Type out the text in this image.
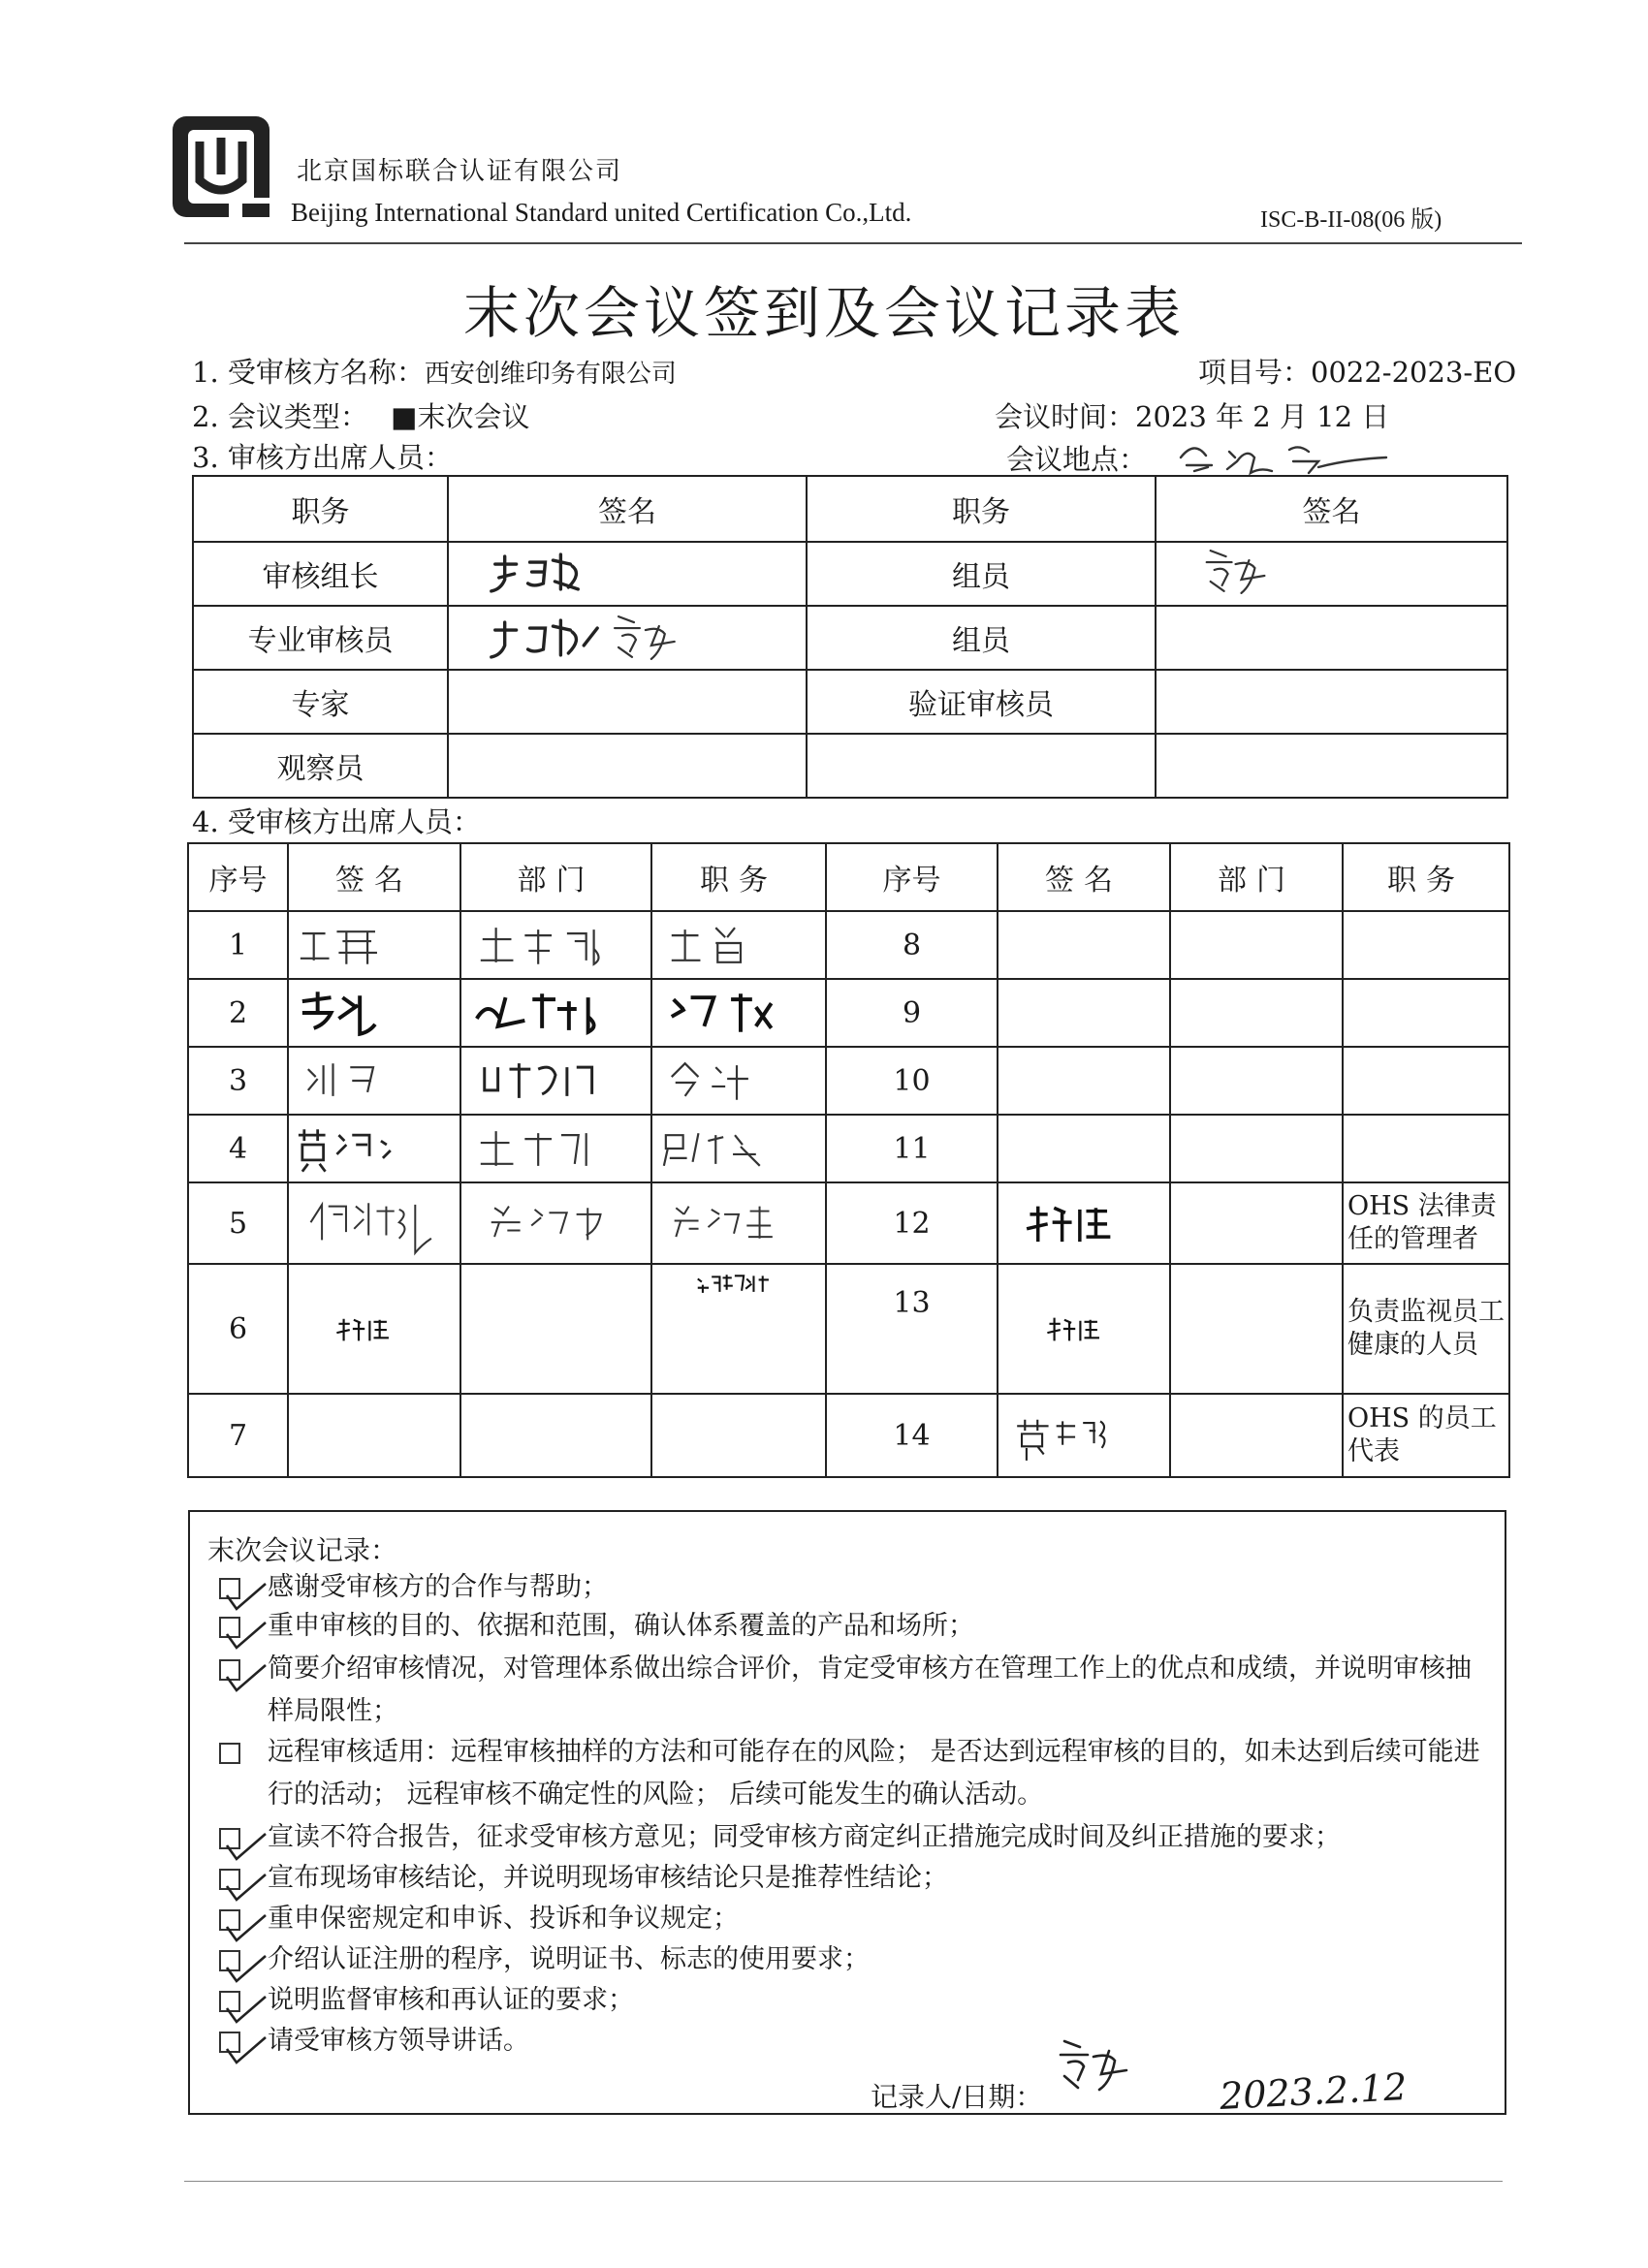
北京国标联合认证有限公司
Beijing International Standard united Certification Co.,Ltd.	ISC-B-II-08(06 版)
末次会议签到及会议记录表
1. 受审核方名称：西安创维印务有限公司	项目号：0022-2023-EO
2. 会议类型： ■末次会议	会议时间：2023 年 2 月 12 日
3. 审核方出席人员：	会议地点：
职务	签名	职务	签名
审核组长		组员	

专业审核员		组员	
专家		验证审核员	
观察员			
4. 受审核方出席人员：
序号	签名	部门	职务	序号	签名	部门	职务
1				8			
2				9			
3				10			
4				11			
5				12			OHS 法律责任的管理者
6				13			负责监视员工健康的人员
7				14			OHS 的员工代表
末次会议记录：
感谢受审核方的合作与帮助；
重申审核的目的、依据和范围，确认体系覆盖的产品和场所；
简要介绍审核情况，对管理体系做出综合评价，肯定受审核方在管理工作上的优点和成绩，并说明审核抽样局限性；
远程审核适用：远程审核抽样的方法和可能存在的风险； 是否达到远程审核的目的，如未达到后续可能进行的活动； 远程审核不确定性的风险； 后续可能发生的确认活动。
宣读不符合报告，征求受审核方意见；同受审核方商定纠正措施完成时间及纠正措施的要求；
宣布现场审核结论，并说明现场审核结论只是推荐性结论；
重申保密规定和申诉、投诉和争议规定；
介绍认证注册的程序，说明证书、标志的使用要求；
说明监督审核和再认证的要求；
请受审核方领导讲话。
记录人/日期：	2023.2.12
